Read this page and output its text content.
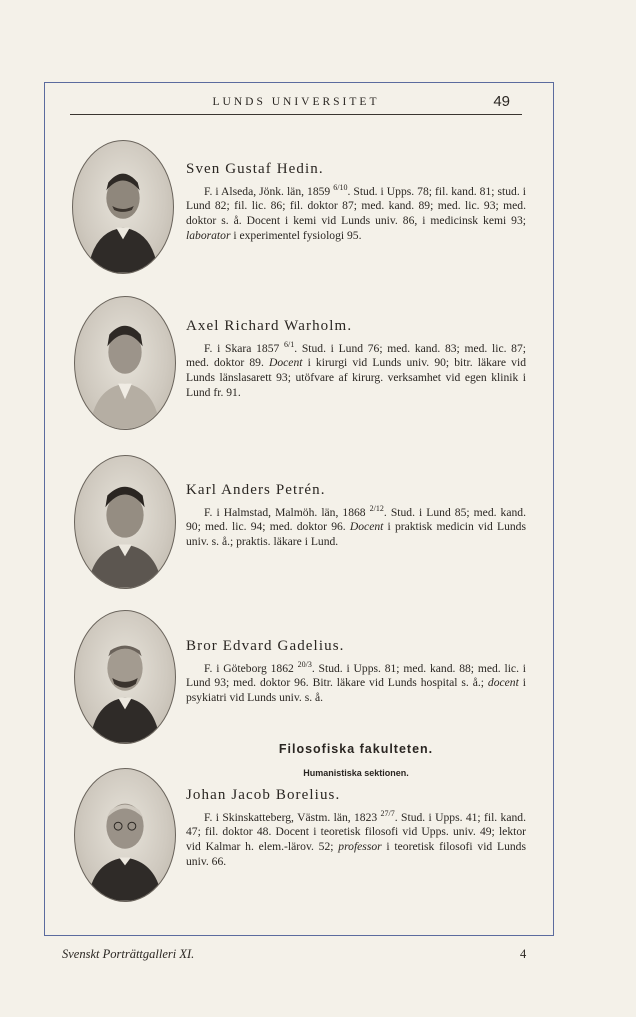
LUNDS UNIVERSITET	49
Sven Gustaf Hedin.

F. i Alseda, Jönk. län, 1859 $^{6/10}$. Stud. i Upps. 78; fil. kand. 81; stud. i Lund 82; fil. lic. 86; fil. doktor 87; med. kand. 89; med. lic. 93; med. doktor s. å. Docent i kemi vid Lunds univ. 86, i medicinsk kemi 93; laborator i experimentel fysiologi 95.

Axel Richard Warholm.

F. i Skara 1857 $^{6/1}$. Stud. i Lund 76; med. kand. 83; med. lic. 87; med. doktor 89. Docent i kirurgi vid Lunds univ. 90; bitr. läkare vid Lunds länslasarett 93; utöfvare af kirurg. verksamhet vid egen klinik i Lund fr. 91.

Karl Anders Petrén.

F. i Halmstad, Malmöh. län, 1868 $^{2/12}$. Stud. i Lund 85; med. kand. 90; med. lic. 94; med. doktor 96. Docent i praktisk medicin vid Lunds univ. s. å.; praktis. läkare i Lund.

Bror Edvard Gadelius.

F. i Göteborg 1862 $^{20/3}$. Stud. i Upps. 81; med. kand. 88; med. lic. i Lund 93; med. doktor 96. Bitr. läkare vid Lunds hospital s. å.; docent i psykiatri vid Lunds univ. s. å.

Filosofiska fakulteten.
Humanistiska sektionen.
Johan Jacob Borelius.

F. i Skinskatteberg, Västm. län, 1823 $^{27/7}$. Stud. i Upps. 41; fil. kand. 47; fil. doktor 48. Docent i teoretisk filosofi vid Upps. univ. 49; lektor vid Kalmar h. elem.-lärov. 52; professor i teoretisk filosofi vid Lunds univ. 66.

Svenskt Porträttgalleri XI.	4
